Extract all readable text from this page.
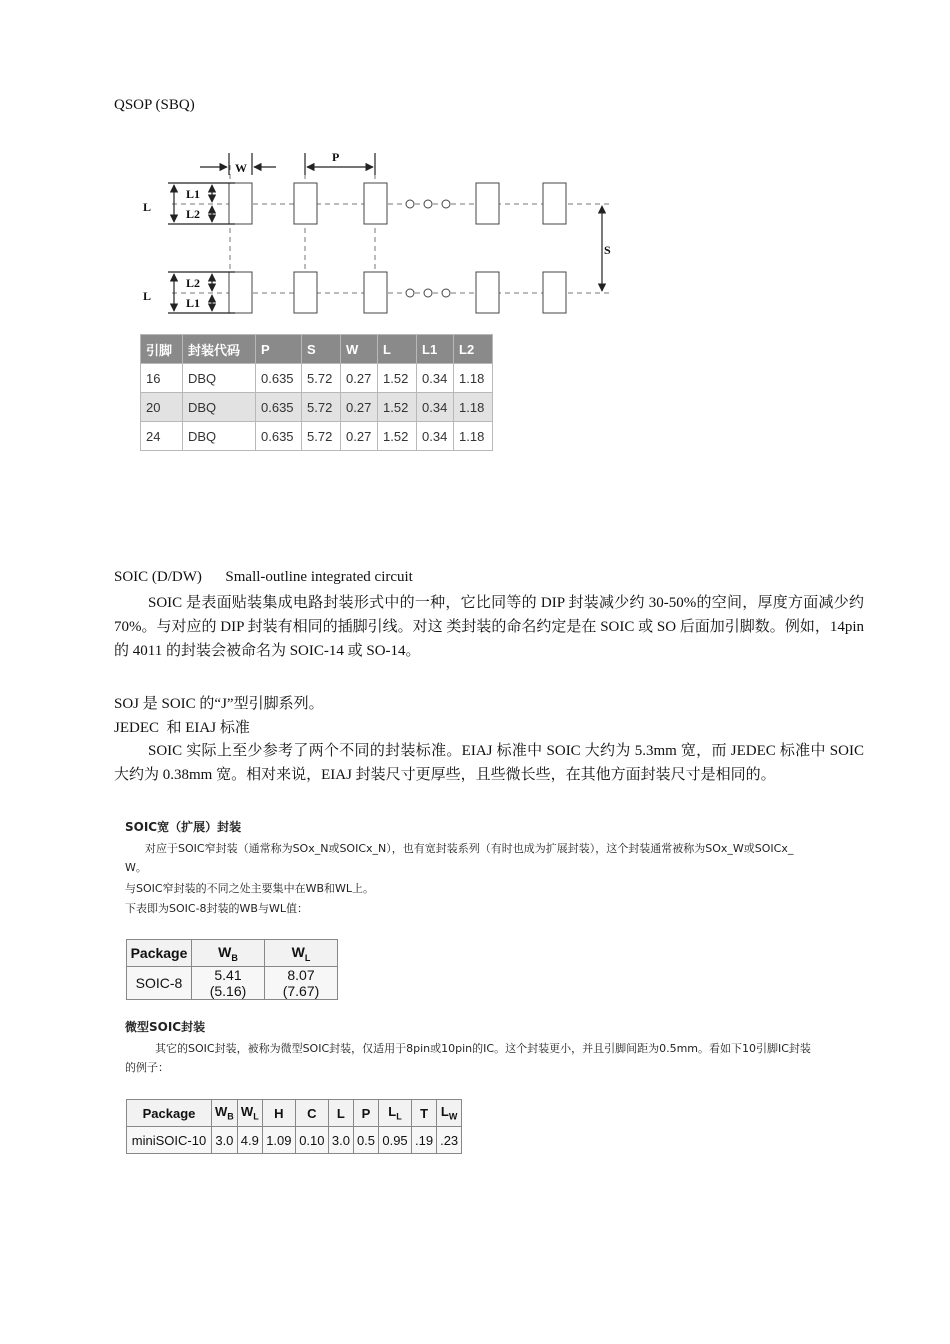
QSOP (SBQ)
W
P
S
L
L
L1
L2
L2
L1
引脚	封装代码	P	S	W	L	L1	L2
16	DBQ	0.635	5.72	0.27	1.52	0.34	1.18
20	DBQ	0.635	5.72	0.27	1.52	0.34	1.18
24	DBQ	0.635	5.72	0.27	1.52	0.34	1.18
SOIC (D/DW) Small-outline integrated circuit
SOIC 是表面贴装集成电路封装形式中的一种，它比同等的 DIP 封装减少约 30-50%的空间，厚度方面减少约 70%。与对应的 DIP 封装有相同的插脚引线。对这 类封装的命名约定是在 SOIC 或 SO 后面加引脚数。例如，14pin 的 4011 的封装会被命名为 SOIC-14 或 SO-14。
SOJ 是 SOIC 的“J”型引脚系列。
JEDEC  和 EIAJ 标准
SOIC 实际上至少参考了两个不同的封装标准。EIAJ 标准中 SOIC 大约为 5.3mm 宽，而 JEDEC 标准中 SOIC 大约为 0.38mm 宽。相对来说，EIAJ 封装尺寸更厚些，且些微长些，在其他方面封装尺寸是相同的。
SOIC宽（扩展）封装
对应于SOIC窄封装（通常称为SOx_N或SOICx_N），也有宽封装系列（有时也成为扩展封装），这个封装通常被称为SOx_W或SOICx_
W。
与SOIC窄封装的不同之处主要集中在WB和WL上。
下表即为SOIC-8封装的WB与WL值：
Package	$W_B$	$W_L$
SOIC-8	5.41 (5.16)	8.07 (7.67)
微型SOIC封装
其它的SOIC封装，被称为微型SOIC封装，仅适用于8pin或10pin的IC。这个封装更小，并且引脚间距为0.5mm。看如下10引脚IC封装
的例子：
Package	$W_B$	$W_L$	H	C	L	P	$L_L$	T	$L_W$
miniSOIC-10	3.0	4.9	1.09	0.10	3.0	0.5	0.95	.19	.23
